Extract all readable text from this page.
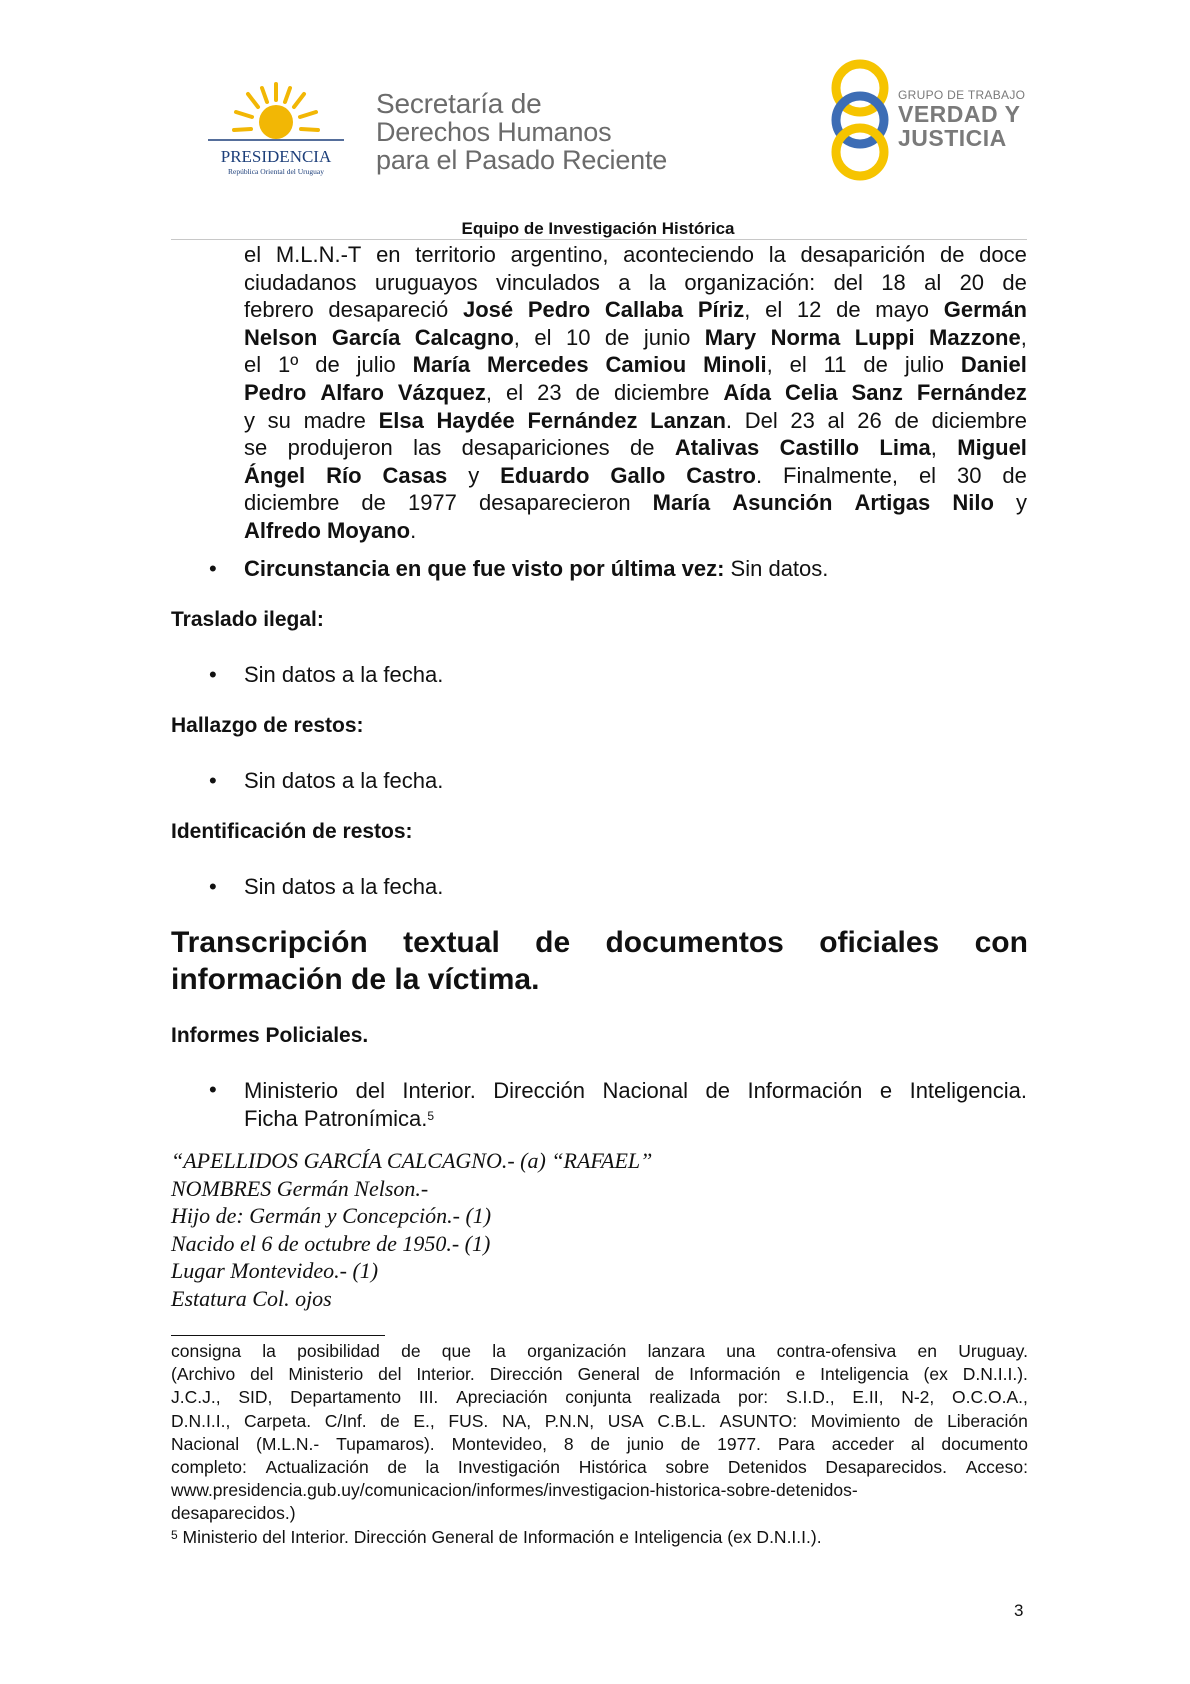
PRESIDENCIA
República Oriental del Uruguay
Secretaría de
Derechos Humanos
para el Pasado Reciente
GRUPO DE TRABAJO
VERDAD Y
JUSTICIA
Equipo de Investigación Histórica
el M.L.N.-T en territorio argentino, aconteciendo la desaparición de doce
ciudadanos uruguayos vinculados a la organización: del 18 al 20 de
febrero desapareció José Pedro Callaba Píriz, el 12 de mayo Germán
Nelson García Calcagno, el 10 de junio Mary Norma Luppi Mazzone,
el 1º de julio María Mercedes Camiou Minoli, el 11 de julio Daniel
Pedro Alfaro Vázquez, el 23 de diciembre Aída Celia Sanz Fernández
y su madre Elsa Haydée Fernández Lanzan. Del 23 al 26 de diciembre
se produjeron las desapariciones de Atalivas Castillo Lima, Miguel
Ángel Río Casas y Eduardo Gallo Castro. Finalmente, el 30 de
diciembre de 1977 desaparecieron María Asunción Artigas Nilo y
Alfredo Moyano.
• Circunstancia en que fue visto por última vez: Sin datos.
Traslado ilegal:
• Sin datos a la fecha.
Hallazgo de restos:
• Sin datos a la fecha.
Identificación de restos:
• Sin datos a la fecha.
Transcripción textual de documentos oficiales con
información de la víctima.
Informes Policiales.
• Ministerio del Interior. Dirección Nacional de Información e Inteligencia.
Ficha Patronímica.$^5$
“APELLIDOS GARCÍA CALCAGNO.- (a) “RAFAEL”
NOMBRES Germán Nelson.-
Hijo de: Germán y Concepción.- (1)
Nacido el 6 de octubre de 1950.- (1)
Lugar Montevideo.- (1)
Estatura Col. ojos
consigna la posibilidad de que la organización lanzara una contra-ofensiva en Uruguay.
(Archivo del Ministerio del Interior. Dirección General de Información e Inteligencia (ex D.N.I.I.).
J.C.J., SID, Departamento III. Apreciación conjunta realizada por: S.I.D., E.II, N-2, O.C.O.A.,
D.N.I.I., Carpeta. C/Inf. de E., FUS. NA, P.N.N, USA C.B.L. ASUNTO: Movimiento de Liberación
Nacional (M.L.N.- Tupamaros). Montevideo, 8 de junio de 1977. Para acceder al documento
completo: Actualización de la Investigación Histórica sobre Detenidos Desaparecidos. Acceso:
www.presidencia.gub.uy/comunicacion/informes/investigacion-historica-sobre-detenidos-
desaparecidos.)
$^5$ Ministerio del Interior. Dirección General de Información e Inteligencia (ex D.N.I.I.).
3
